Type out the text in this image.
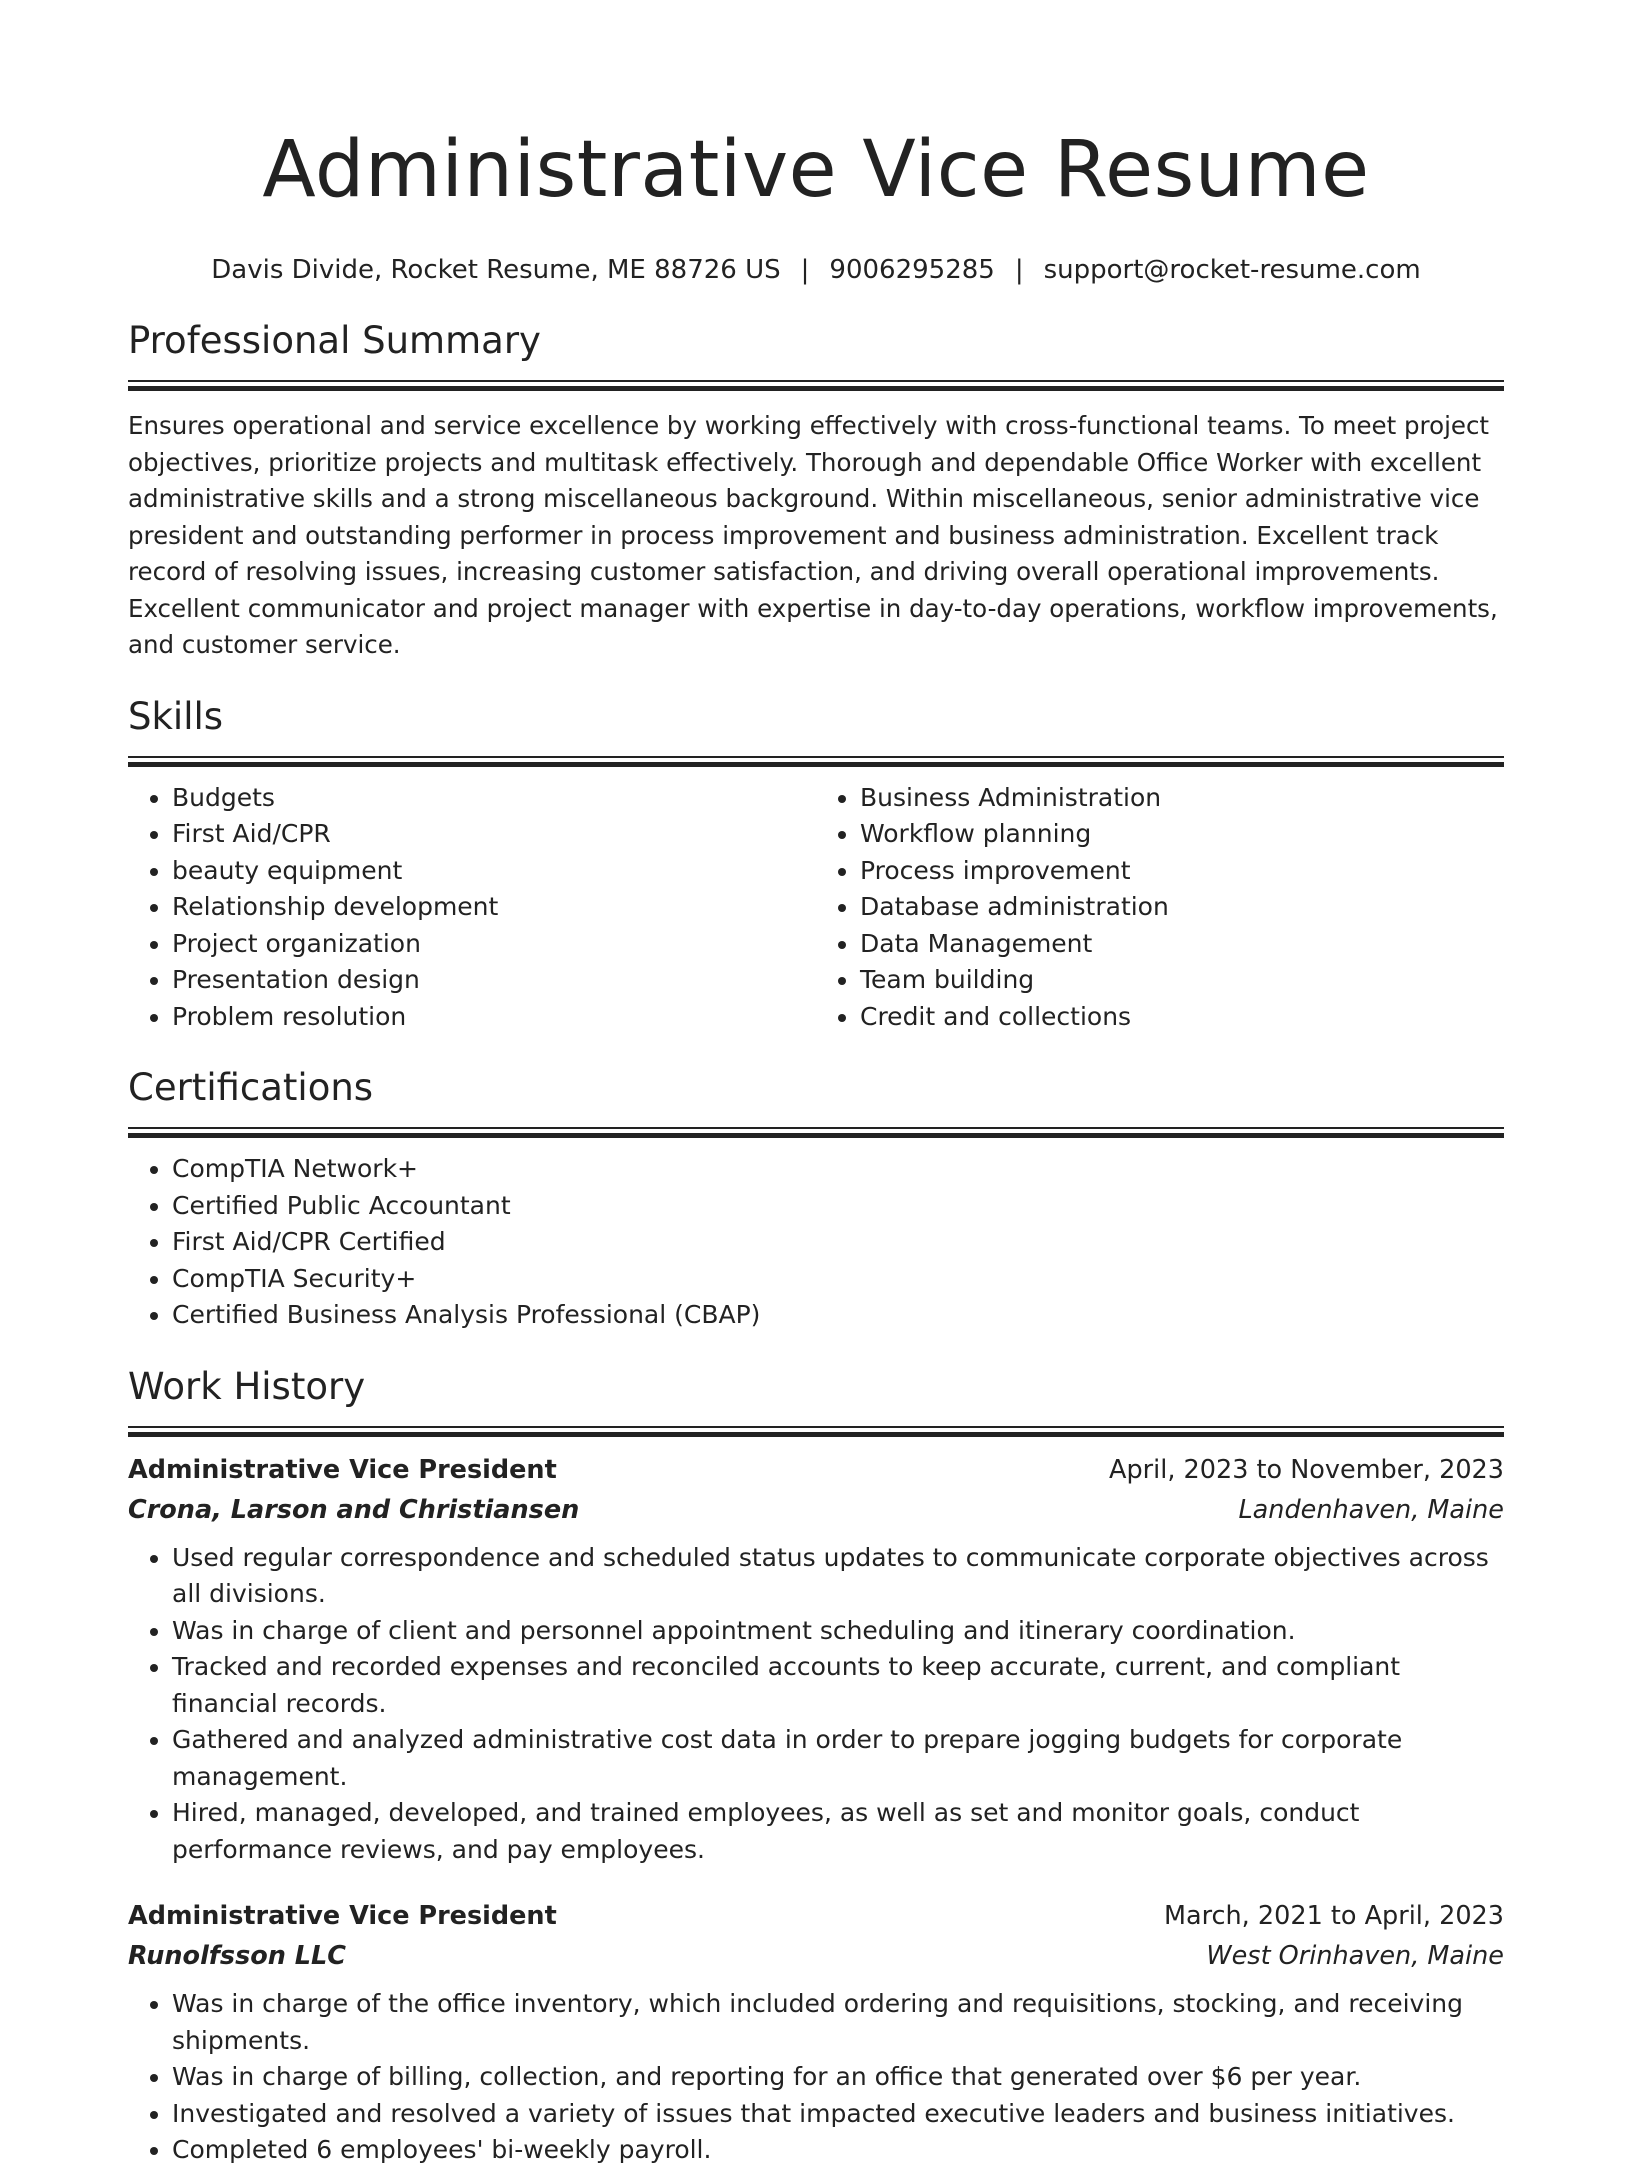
Administrative Vice Resume
Davis Divide, Rocket Resume, ME 88726 US | 9006295285 | support@rocket-resume.com
Professional Summary

Ensures operational and service excellence by working effectively with cross-functional teams. To meet project objectives, prioritize projects and multitask effectively. Thorough and dependable Office Worker with excellent administrative skills and a strong miscellaneous background. Within miscellaneous, senior administrative vice president and outstanding performer in process improvement and business administration. Excellent track record of resolving issues, increasing customer satisfaction, and driving overall operational improvements. Excellent communicator and project manager with expertise in day-to-day operations, workflow improvements, and customer service.

Skills
• Budgets
• First Aid/CPR
• beauty equipment
• Relationship development
• Project organization
• Presentation design
• Problem resolution
• Business Administration
• Workflow planning
• Process improvement
• Database administration
• Data Management
• Team building
• Credit and collections
Certifications
• CompTIA Network+
• Certified Public Accountant
• First Aid/CPR Certified
• CompTIA Security+
• Certified Business Analysis Professional (CBAP)
Work History
Administrative Vice President	April, 2023 to November, 2023
Crona, Larson and Christiansen	Landenhaven, Maine
• Used regular correspondence and scheduled status updates to communicate corporate objectives across all divisions.
• Was in charge of client and personnel appointment scheduling and itinerary coordination.
• Tracked and recorded expenses and reconciled accounts to keep accurate, current, and compliant financial records.
• Gathered and analyzed administrative cost data in order to prepare jogging budgets for corporate management.
• Hired, managed, developed, and trained employees, as well as set and monitor goals, conduct performance reviews, and pay employees.
Administrative Vice President	March, 2021 to April, 2023
Runolfsson LLC	West Orinhaven, Maine
• Was in charge of the office inventory, which included ordering and requisitions, stocking, and receiving shipments.
• Was in charge of billing, collection, and reporting for an office that generated over $6 per year.
• Investigated and resolved a variety of issues that impacted executive leaders and business initiatives.
• Completed 6 employees' bi-weekly payroll.
